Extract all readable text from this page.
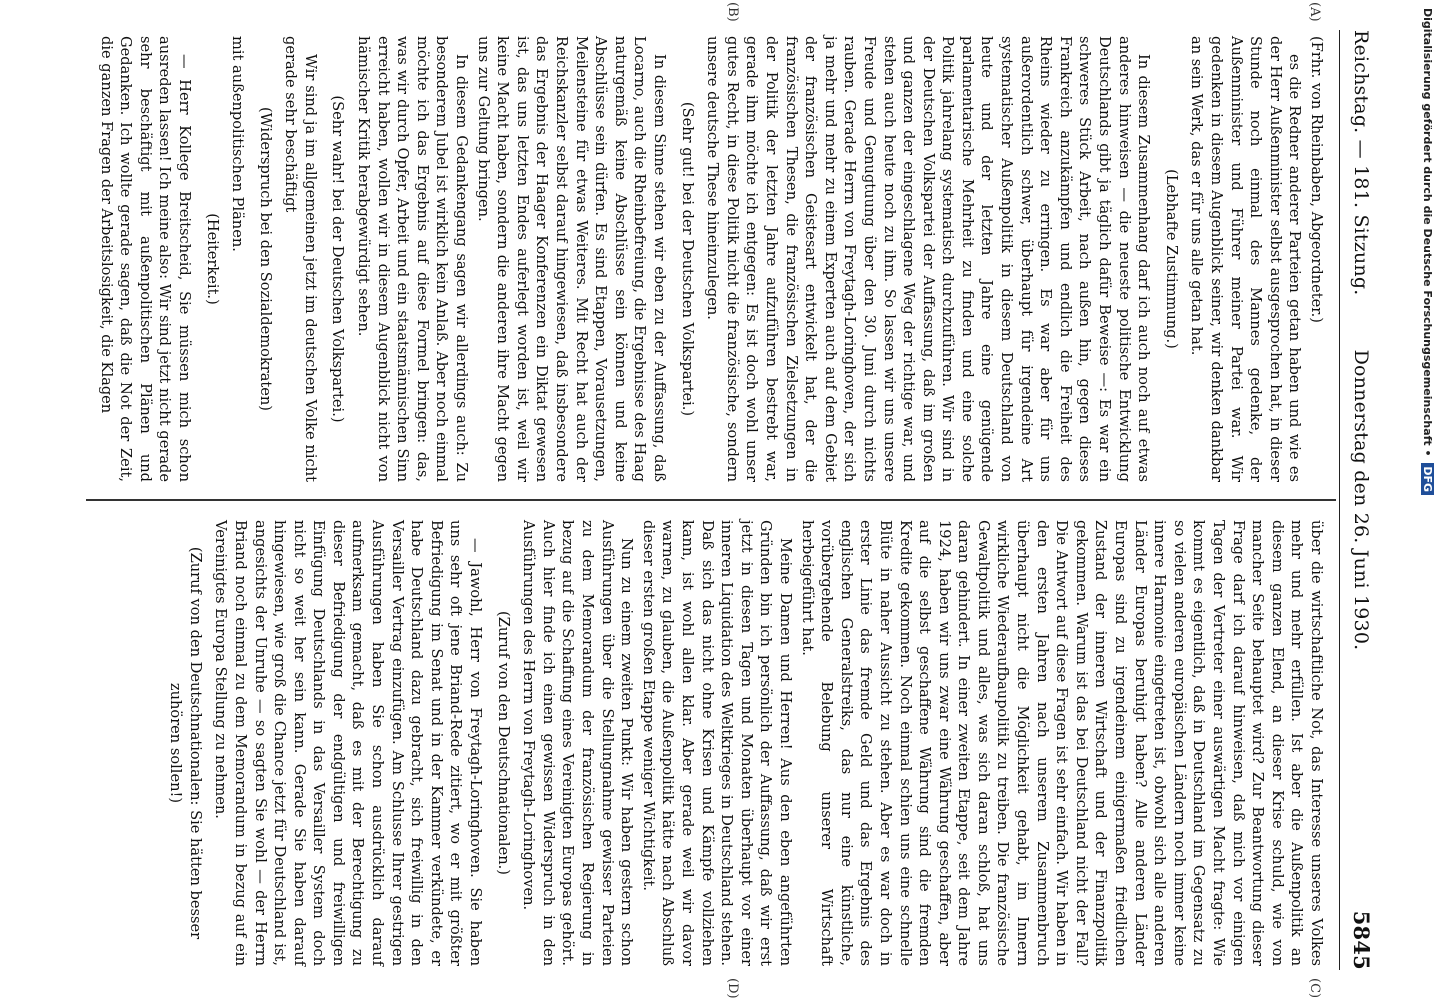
Reichstag. — 181. Sitzung.
Donnerstag den 26. Juni 1930.
5845
(A)
(B)
(C)
(D)

(Frhr. von Rheinbaben, Abgeordneter.)

es die Redner anderer Parteien getan haben und wie es der Herr Außenminister selbst ausgesprochen hat, in dieser Stunde noch einmal des Mannes gedenke, der Außenminister und Führer meiner Partei war. Wir gedenken in diesem Augenblick seiner, wir denken dankbar an sein Werk, das er für uns alle getan hat.

(Lebhafte Zustimmung.)

In diesem Zusammenhang darf ich auch noch auf etwas anderes hinweisen — die neueste politische Entwicklung Deutschlands gibt ja täglich dafür Beweise —: Es war ein schweres Stück Arbeit, nach außen hin, gegen dieses Frankreich anzukämpfen und endlich die Freiheit des Rheins wieder zu erringen. Es war aber für uns außerordentlich schwer, überhaupt für irgendeine Art systematischer Außenpolitik in diesem Deutschland von heute und der letzten Jahre eine genügende parlamentarische Mehrheit zu finden und eine solche Politik jahrelang systematisch durchzuführen. Wir sind in der Deutschen Volkspartei der Auffassung, daß im großen und ganzen der eingeschlagene Weg der richtige war, und stehen auch heute noch zu ihm. So lassen wir uns unsere Freude und Genugtuung über den 30. Juni durch nichts rauben. Gerade Herrn von Freytagh-Loringhoven, der sich ja mehr und mehr zu einem Experten auch auf dem Gebiet der französischen Geistesart entwickelt hat, der die französischen Thesen, die französischen Zielsetzungen in der Politik der letzten Jahre aufzuführen bestrebt war, gerade ihm möchte ich entgegen: Es ist doch wohl unser gutes Recht, in diese Politik nicht die französische, sondern unsere deutsche These hineinzulegen.

(Sehr gut! bei der Deutschen Volkspartei.)

In diesem Sinne stehen wir eben zu der Auffassung, daß Locarno, auch die Rheinbefreiung, die Ergebnisse des Haag naturgemäß keine Abschlüsse sein können und keine Abschlüsse sein dürfen. Es sind Etappen, Vorausetzungen, Meilensteine für etwas Weiteres. Mit Recht hat auch der Reichskanzler selbst darauf hingewiesen, daß insbesondere das Ergebnis der Haager Konferenzen ein Diktat gewesen ist, das uns letzten Endes auferlegt worden ist, weil wir keine Macht haben, sondern die anderen ihre Macht gegen uns zur Geltung bringen.

In diesem Gedankengang sagen wir allerdings auch: Zu besonderem Jubel ist wirklich kein Anlaß. Aber noch einmal möchte ich das Ergebnis auf diese Formel bringen: das, was wir durch Opfer, Arbeit und ein staatsmännischen Sinn erreicht haben, wollen wir in diesem Augenblick nicht von hämischer Kritik herabgewürdigt sehen.

(Sehr wahr! bei der Deutschen Volkspartei.)

Wir sind ja im allgemeinen jetzt im deutschen Volke nicht gerade sehr beschäftigt

(Widerspruch bei den Sozialdemokraten)

mit außenpolitischen Plänen.

(Heiterkeit.)

— Herr Kollege Breitscheid, Sie müssen mich schon ausreden lassen! Ich meine also: Wir sind jetzt nicht gerade sehr beschäftigt mit außenpolitischen Plänen und Gedanken. Ich wollte gerade sagen, daß die Not der Zeit, die ganzen Fragen der Arbeitslosigkeit, die Klagen

über die wirtschaftliche Not, das Interesse unseres Volkes mehr und mehr erfüllen. Ist aber die Außenpolitik an diesem ganzen Elend, an dieser Krise schuld, wie von mancher Seite behauptet wird? Zur Beantwortung dieser Frage darf ich darauf hinweisen, daß mich vor einigen Tagen der Vertreter einer auswärtigen Macht fragte: Wie kommt es eigentlich, daß in Deutschland im Gegensatz zu so vielen anderen europäischen Ländern noch immer keine innere Harmonie eingetreten ist, obwohl sich alle anderen Länder Europas beruhigt haben? Alle anderen Länder Europas sind zu irgendeinem einigermaßen friedlichen Zustand der inneren Wirtschaft und der Finanzpolitik gekommen. Warum ist das bei Deutschland nicht der Fall? Die Antwort auf diese Fragen ist sehr einfach. Wir haben in den ersten Jahren nach unserem Zusammenbruch überhaupt nicht die Möglichkeit gehabt, im Innern wirkliche Wiederaufbaupolitik zu treiben. Die französische Gewaltpolitik und alles, was sich daran schloß, hat uns daran gehindert. In einer zweiten Etappe, seit dem Jahre 1924, haben wir uns zwar eine Währung geschaffen, aber auf die selbst geschaffene Währung sind die fremden Kredite gekommen. Noch einmal schien uns eine schnelle Blüte in naher Aussicht zu stehen. Aber es war doch in erster Linie das fremde Geld und das Ergebnis des englischen Generalstreiks, das nur eine künstliche, vorübergehende Belebung unserer Wirtschaft herbeigeführt hat.

Meine Damen und Herren! Aus den eben angeführten Gründen bin ich persönlich der Auffassung, daß wir erst jetzt in diesen Tagen und Monaten überhaupt vor einer inneren Liquidation des Weltkrieges in Deutschland stehen. Daß sich das nicht ohne Krisen und Kämpfe vollziehen kann, ist wohl allen klar. Aber gerade weil wir davor warnen, zu glauben, die Außenpolitik hätte nach Abschluß dieser ersten großen Etappe weniger Wichtigkeit.

Nun zu einem zweiten Punkt: Wir haben gestern schon Ausführungen über die Stellungnahme gewisser Parteien zu dem Memorandum der französischen Regierung in bezug auf die Schaffung eines Vereinigten Europas gehört. Auch hier finde ich einen gewissen Widerspruch in den Ausführungen des Herrn von Freytagh-Loringhoven.

(Zuruf von den Deutschnationalen.)

— Jawohl, Herr von Freytagh-Loringhoven. Sie haben uns sehr oft jene Briand-Rede zitiert, wo er mit größter Befriedigung im Senat und in der Kammer verkündete, er habe Deutschland dazu gebracht, sich freiwillig in den Versailler Vertrag einzufügen. Am Schlusse Ihrer gestrigen Ausführungen haben Sie schon ausdrücklich darauf aufmerksam gemacht, daß es mit der Berechtigung zu dieser Befriedigung der endgültigen und freiwilligen Einfügung Deutschlands in das Versailler System doch nicht so weit her sein kann. Gerade Sie haben darauf hingewiesen, wie groß die Chance jetzt für Deutschland ist, angesichts der Unruhe — so sagten Sie wohl — der Herrn Briand noch einmal zu dem Memorandum in bezug auf ein Vereinigtes Europa Stellung zu nehmen.

(Zuruf von den Deutschnationalen: Sie hätten besser zuhören sollen!)

Digitalisierung gefördert durch die Deutsche Forschungsgemeinschaft • DFG
